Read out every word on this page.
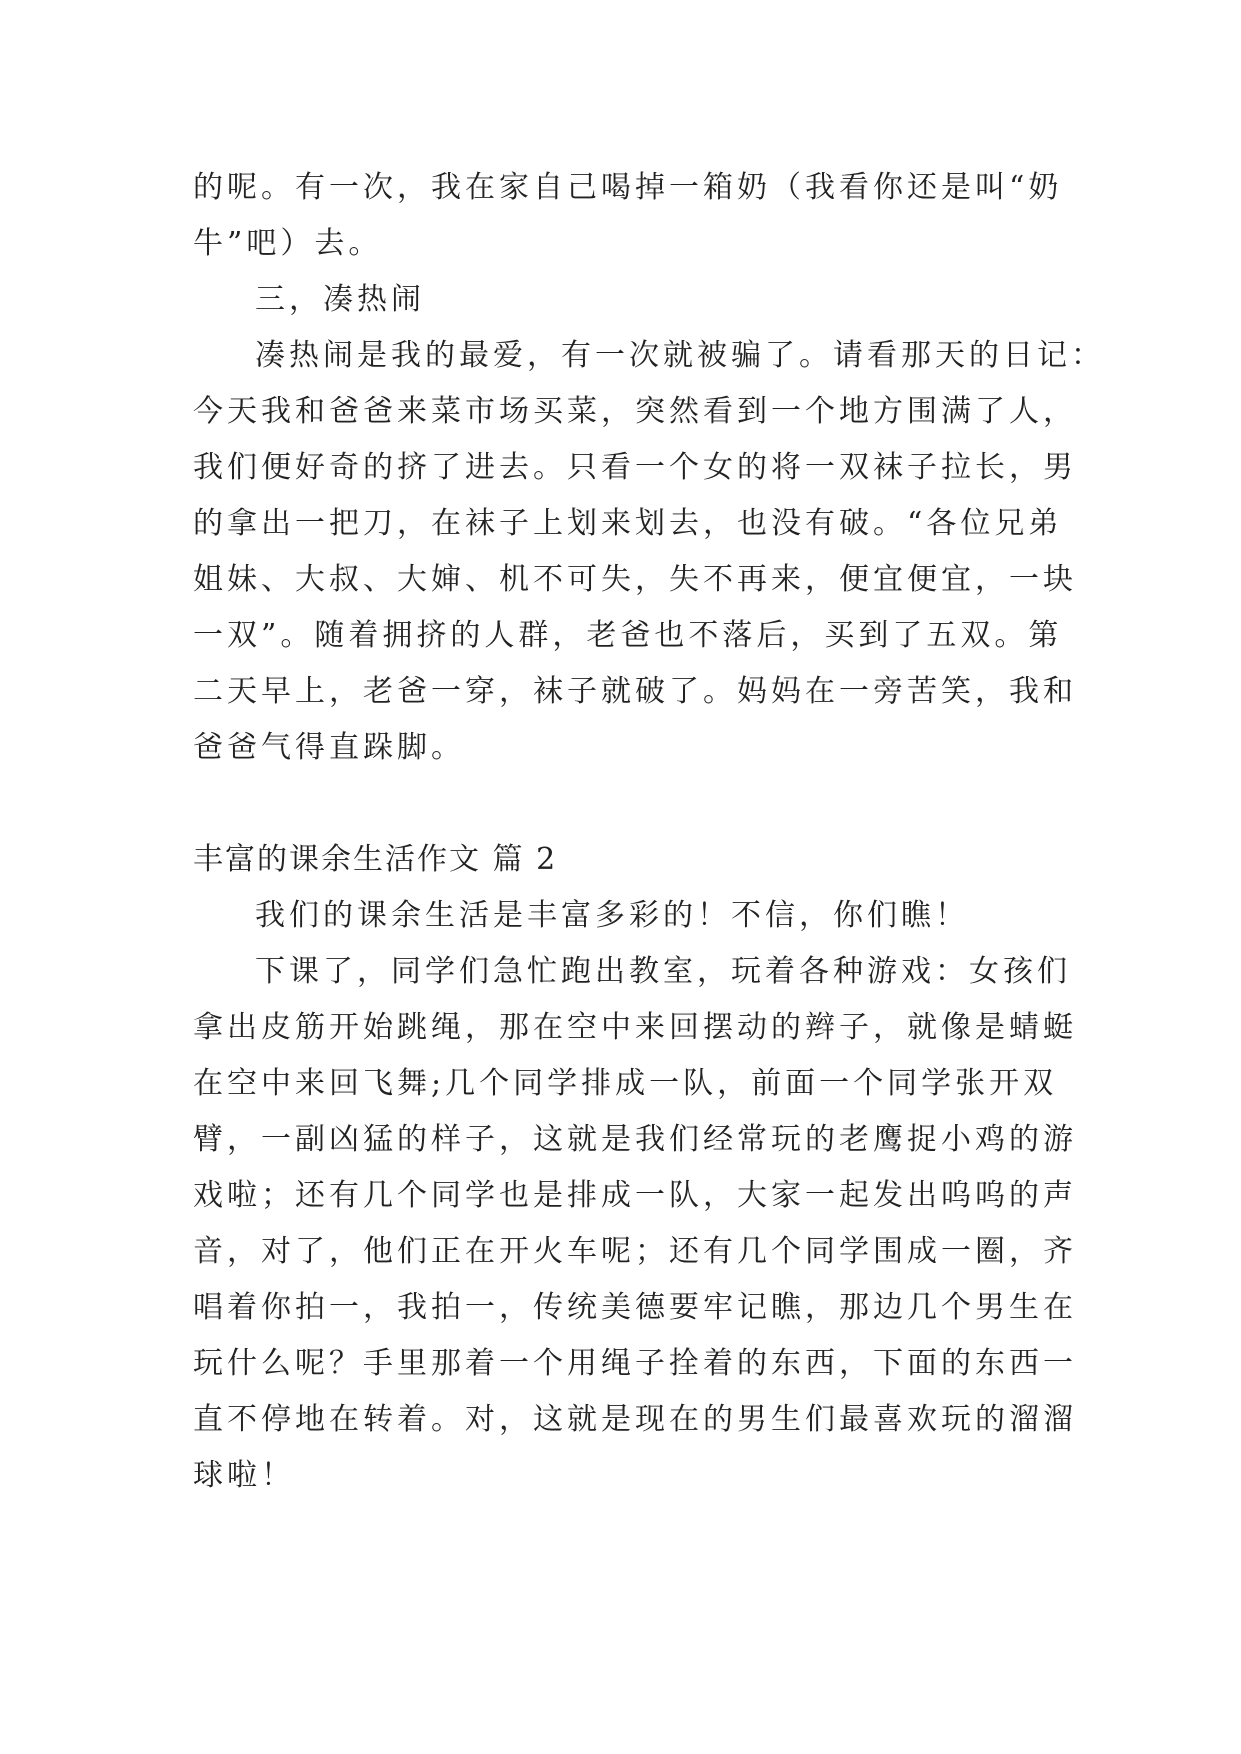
的呢。有一次，我在家自己喝掉一箱奶（我看你还是叫“奶
牛”吧）去。
三，凑热闹
凑热闹是我的最爱，有一次就被骗了。请看那天的日记：
今天我和爸爸来菜市场买菜，突然看到一个地方围满了人，
我们便好奇的挤了进去。只看一个女的将一双袜子拉长，男
的拿出一把刀，在袜子上划来划去，也没有破。“各位兄弟
姐妹、大叔、大婶、机不可失，失不再来，便宜便宜，一块
一双”。随着拥挤的人群，老爸也不落后，买到了五双。第
二天早上，老爸一穿，袜子就破了。妈妈在一旁苦笑，我和
爸爸气得直跺脚。
丰富的课余生活作文 篇 2
我们的课余生活是丰富多彩的！不信，你们瞧！
下课了，同学们急忙跑出教室，玩着各种游戏：女孩们
拿出皮筋开始跳绳，那在空中来回摆动的辫子，就像是蜻蜓
在空中来回飞舞;几个同学排成一队，前面一个同学张开双
臂，一副凶猛的样子，这就是我们经常玩的老鹰捉小鸡的游
戏啦；还有几个同学也是排成一队，大家一起发出呜呜的声
音，对了，他们正在开火车呢；还有几个同学围成一圈，齐
唱着你拍一，我拍一，传统美德要牢记瞧，那边几个男生在
玩什么呢？手里那着一个用绳子拴着的东西，下面的东西一
直不停地在转着。对，这就是现在的男生们最喜欢玩的溜溜
球啦！
